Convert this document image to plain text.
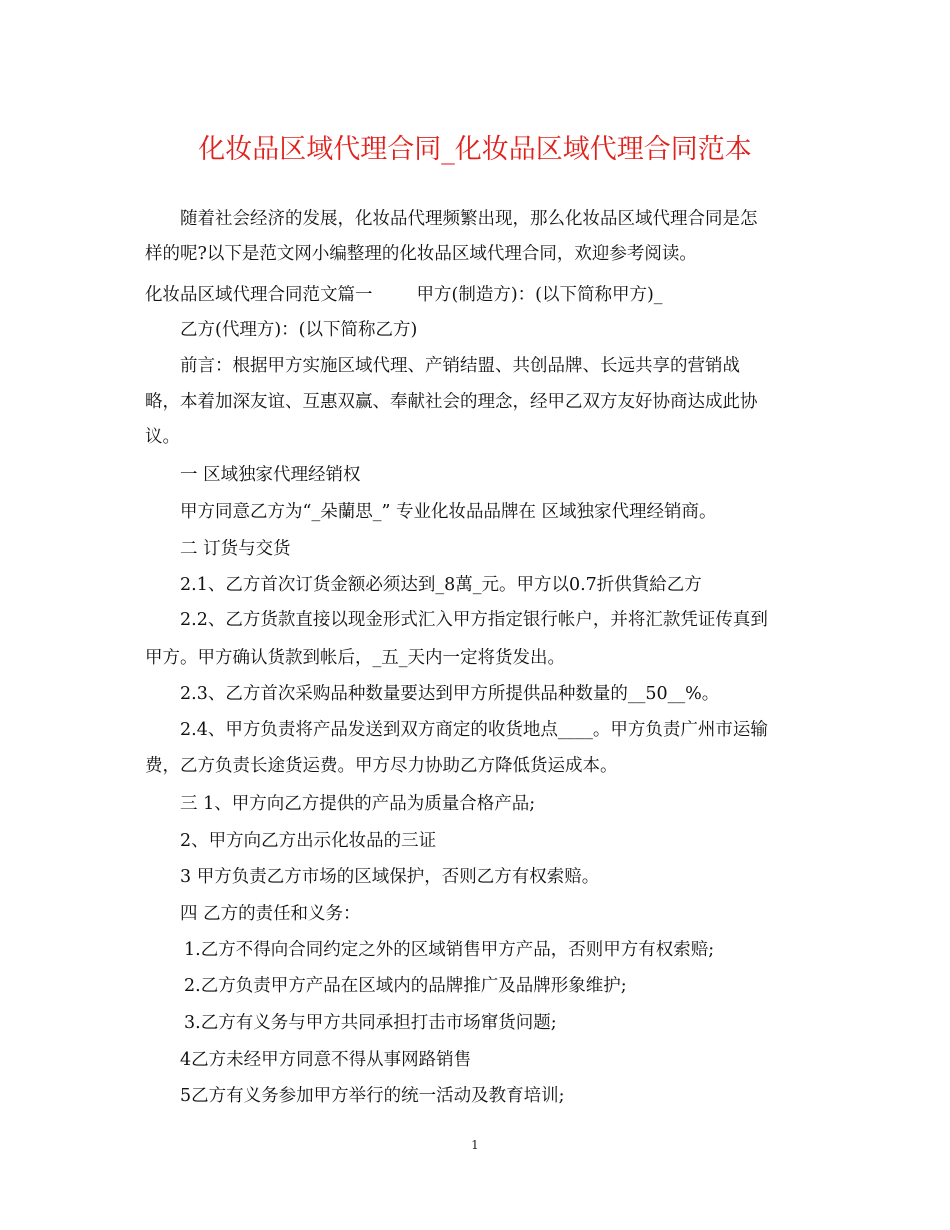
化妆品区域代理合同_化妆品区域代理合同范本
随着社会经济的发展，化妆品代理频繁出现，那么化妆品区域代理合同是怎
样的呢?以下是范文网小编整理的化妆品区域代理合同，欢迎参考阅读。
化妆品区域代理合同范文篇一	甲方(制造方)：(以下简称甲方)_
乙方(代理方)：(以下简称乙方)
前言：根据甲方实施区域代理、产销结盟、共创品牌、长远共享的营销战
略，本着加深友谊、互惠双赢、奉献社会的理念，经甲乙双方友好协商达成此协
议。
一 区域独家代理经销权
甲方同意乙方为“_朵蘭思_” 专业化妆品品牌在 区域独家代理经销商。
二 订货与交货
2.1、乙方首次订货金额必须达到_8萬_元。甲方以0.7折供貨給乙方
2.2、乙方货款直接以现金形式汇入甲方指定银行帐户，并将汇款凭证传真到
甲方。甲方确认货款到帐后，_五_天内一定将货发出。
2.3、乙方首次采购品种数量要达到甲方所提供品种数量的__50__%。
2.4、甲方负责将产品发送到双方商定的收货地点____。甲方负责广州市运输
费，乙方负责长途货运费。甲方尽力协助乙方降低货运成本。
三 1、甲方向乙方提供的产品为质量合格产品;
2、甲方向乙方出示化妆品的三证
3 甲方负责乙方市场的区域保护，否则乙方有权索赔。
四 乙方的责任和义务：
1.乙方不得向合同约定之外的区域销售甲方产品，否则甲方有权索赔;
2.乙方负责甲方产品在区域内的品牌推广及品牌形象维护;
3.乙方有义务与甲方共同承担打击市场窜货问题;
4乙方未经甲方同意不得从事网路销售
5乙方有义务参加甲方举行的统一活动及教育培训;
1
